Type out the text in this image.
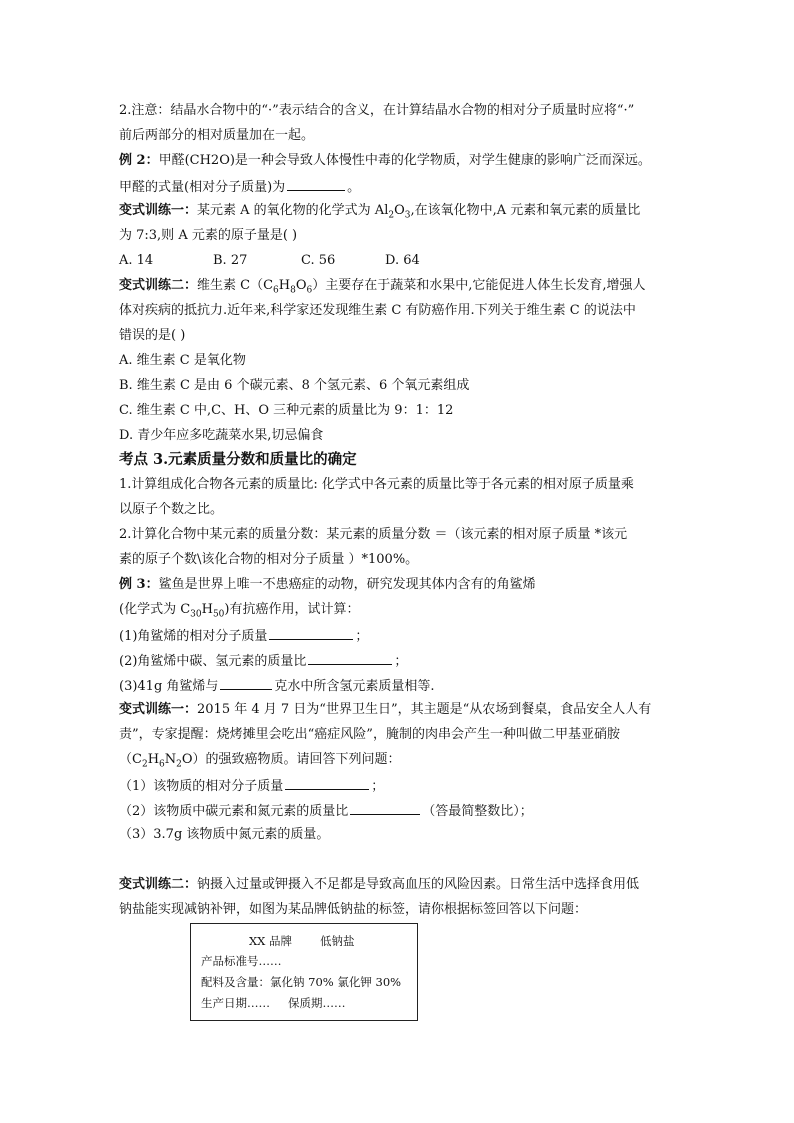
2.注意：结晶水合物中的“·”表示结合的含义，在计算结晶水合物的相对分子质量时应将“·”
前后两部分的相对质量加在一起。
例 2：甲醛(CH2O)是一种会导致人体慢性中毒的化学物质，对学生健康的影响广泛而深远。
甲醛的式量(相对分子质量)为	。
变式训练一：某元素 A 的氧化物的化学式为 $Al_2O_3$,在该氧化物中,A 元素和氧元素的质量比
为 7:3,则 A 元素的原子量是( )
A. 14	B. 27	C. 56	D. 64
变式训练二：维生素 $C(C_6H_8O_6)$主要存在于蔬菜和水果中,它能促进人体生长发育,增强人
体对疾病的抵抗力.近年来,科学家还发现维生素 C 有防癌作用.下列关于维生素 C 的说法中
错误的是( )
A. 维生素 C 是氧化物
B. 维生素 C 是由 6 个碳元素、8 个氢元素、6 个氧元素组成
C. 维生素 C 中,C、H、O 三种元素的质量比为 9：1：12
D. 青少年应多吃蔬菜水果,切忌偏食
考点 3.元素质量分数和质量比的确定
1.计算组成化合物各元素的质量比: 化学式中各元素的质量比等于各元素的相对原子质量乘
以原子个数之比。
2.计算化合物中某元素的质量分数：某元素的质量分数 ＝（该元素的相对原子质量 *该元
素的原子个数\该化合物的相对分子质量 ）*100%。
例 3：鲨鱼是世界上唯一不患癌症的动物，研究发现其体内含有的角鲨烯
(化学式为 $C_{30}H_{50}$)有抗癌作用，试计算：
(1)角鲨烯的相对分子质量	；
(2)角鲨烯中碳、氢元素的质量比	；
(3)41g 角鲨烯与	克水中所含氢元素质量相等.
变式训练一：2015 年 4 月 7 日为“世界卫生日”，其主题是“从农场到餐桌，食品安全人人有
责”，专家提醒：烧烤摊里会吃出“癌症风险”，腌制的肉串会产生一种叫做二甲基亚硝胺
$(C_2H_6N_2O)$的强致癌物质。请回答下列问题：
（1）该物质的相对分子质量	；
（2）该物质中碳元素和氮元素的质量比	（答最简整数比）；
（3）3.7g 该物质中氮元素的质量。
变式训练二：钠摄入过量或钾摄入不足都是导致高血压的风险因素。日常生活中选择食用低
钠盐能实现减钠补钾，如图为某品牌低钠盐的标签，请你根据标签回答以下问题：
XX 品牌 低钠盐
产品标准号……
配料及含量：氯化钠 70% 氯化钾 30%
生产日期…… 保质期……
